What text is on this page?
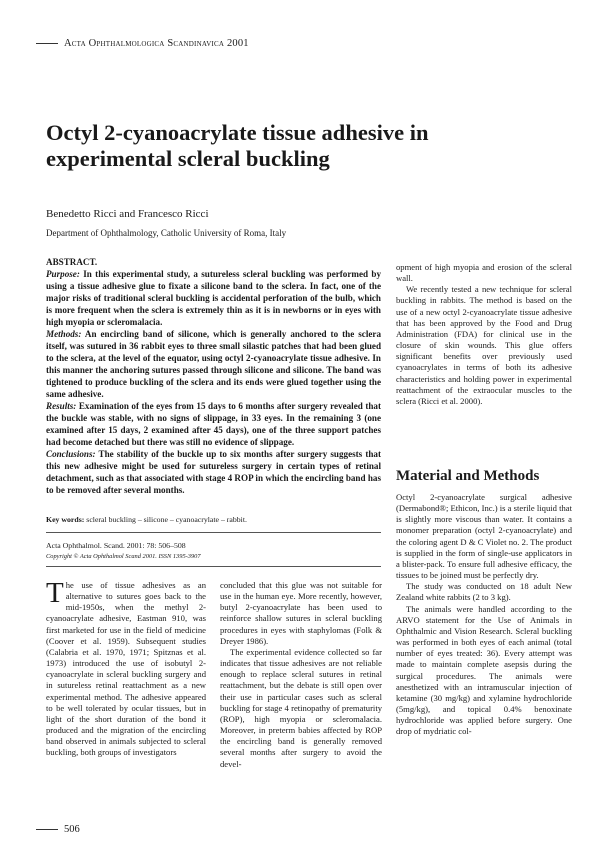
Acta Ophthalmologica Scandinavica 2001
Octyl 2-cyanoacrylate tissue adhesive in experimental scleral buckling

Benedetto Ricci and Francesco Ricci

Department of Ophthalmology, Catholic University of Roma, Italy

ABSTRACT.

Purpose: In this experimental study, a sutureless scleral buckling was performed by using a tissue adhesive glue to fixate a silicone band to the sclera. In fact, one of the major risks of traditional scleral buckling is accidental perforation of the bulb, which is more frequent when the sclera is extremely thin as it is in newborns or in eyes with high myopia or scleromalacia.

Methods: An encircling band of silicone, which is generally anchored to the sclera itself, was sutured in 36 rabbit eyes to three small silastic patches that had been glued to the sclera, at the level of the equator, using octyl 2-cyanoacrylate tissue adhesive. In this manner the anchoring sutures passed through silicone and silicone. The band was tightened to produce buckling of the sclera and its ends were glued together using the same adhesive.

Results: Examination of the eyes from 15 days to 6 months after surgery revealed that the buckle was stable, with no signs of slippage, in 33 eyes. In the remaining 3 (one examined after 15 days, 2 examined after 45 days), one of the three support patches had become detached but there was still no evidence of slippage.

Conclusions: The stability of the buckle up to six months after surgery suggests that this new adhesive might be used for sutureless surgery in certain types of retinal detachment, such as that associated with stage 4 ROP in which the encircling band has to be removed after several months.

Key words: scleral buckling – silicone – cyanoacrylate – rabbit.
Acta Ophthalmol. Scand. 2001: 78: 506–508
Copyright © Acta Ophthalmol Scand 2001. ISSN 1395-3907

The use of tissue adhesives as an alternative to sutures goes back to the mid-1950s, when the methyl 2-cyanoacrylate adhesive, Eastman 910, was first marketed for use in the field of medicine (Coover et al. 1959). Subsequent studies (Calabria et al. 1970, 1971; Spitznas et al. 1973) introduced the use of isobutyl 2-cyanoacrylate in scleral buckling surgery and in sutureless retinal reattachment as a new experimental method. The adhesive appeared to be well tolerated by ocular tissues, but in light of the short duration of the bond it produced and the migration of the encircling band observed in animals subjected to scleral buckling, both groups of investigators

concluded that this glue was not suitable for use in the human eye. More recently, however, butyl 2-cyanoacrylate has been used to reinforce shallow sutures in scleral buckling procedures in eyes with staphylomas (Folk & Dreyer 1986).

The experimental evidence collected so far indicates that tissue adhesives are not reliable enough to replace scleral sutures in retinal reattachment, but the debate is still open over their use in particular cases such as scleral buckling for stage 4 retinopathy of prematurity (ROP), high myopia or scleromalacia. Moreover, in preterm babies affected by ROP the encircling band is generally removed several months after surgery to avoid the devel-

opment of high myopia and erosion of the scleral wall.

We recently tested a new technique for scleral buckling in rabbits. The method is based on the use of a new octyl 2-cyanoacrylate tissue adhesive that has been approved by the Food and Drug Administration (FDA) for clinical use in the closure of skin wounds. This glue offers significant benefits over previously used cyanoacrylates in terms of both its adhesive characteristics and holding power in experimental reattachment of the extraocular muscles to the sclera (Ricci et al. 2000).

Material and Methods

Octyl 2-cyanoacrylate surgical adhesive (Dermabond®; Ethicon, Inc.) is a sterile liquid that is slightly more viscous than water. It contains a monomer preparation (octyl 2-cyanoacrylate) and the coloring agent D & C Violet no. 2. The product is supplied in the form of single-use applicators in a blister-pack. To ensure full adhesive efficacy, the tissues to be joined must be perfectly dry.

The study was conducted on 18 adult New Zealand white rabbits (2 to 3 kg).

The animals were handled according to the ARVO statement for the Use of Animals in Ophthalmic and Vision Research. Scleral buckling was performed in both eyes of each animal (total number of eyes treated: 36). Every attempt was made to maintain complete asepsis during the surgical procedures. The animals were anesthetized with an intramuscular injection of ketamine (30 mg/kg) and xylamine hydrochloride (5mg/kg), and topical 0.4% benoxinate hydrochloride was applied before surgery. One drop of mydriatic col-

506
